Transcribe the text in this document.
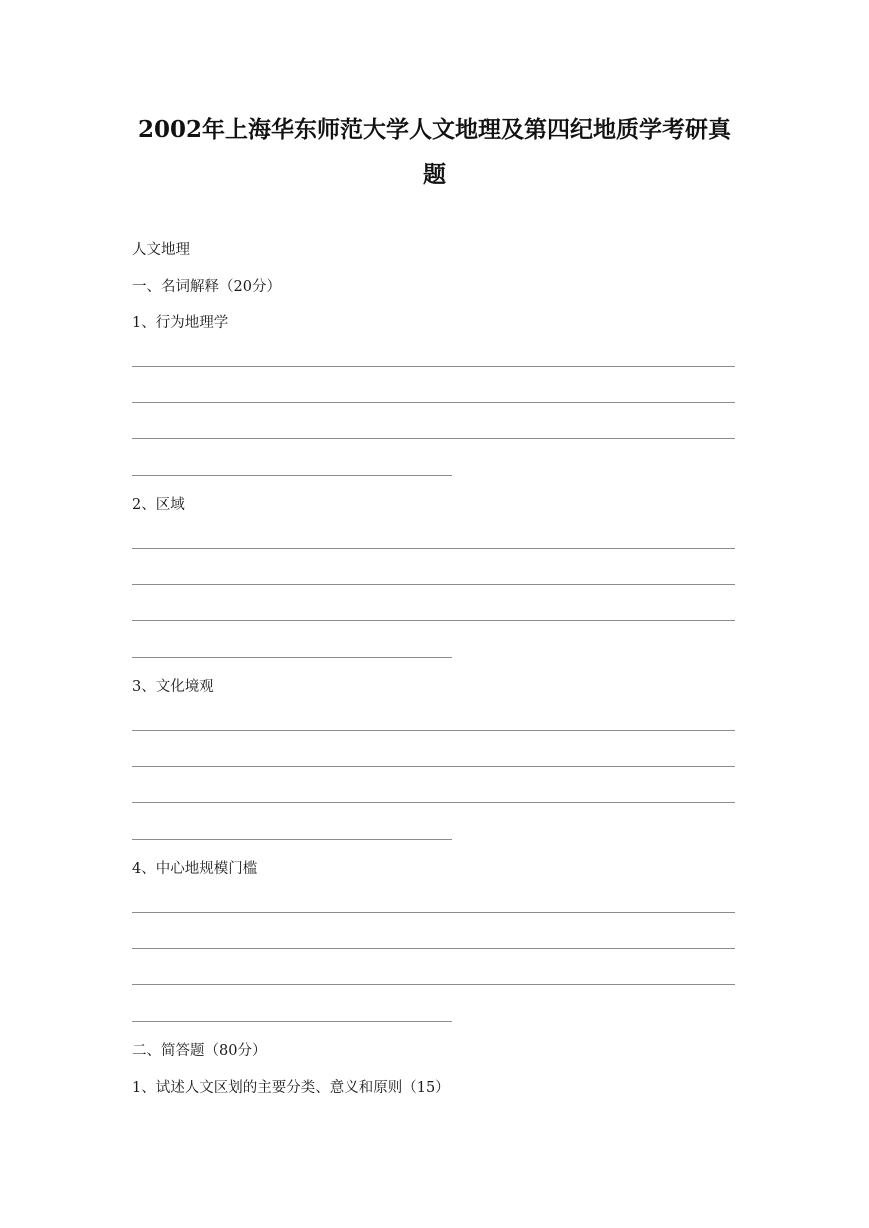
2002年上海华东师范大学人文地理及第四纪地质学考研真
题
人文地理
一、名词解释（20分）
1、行为地理学
2、区域
3、文化境观
4、中心地规模门槛
二、简答题（80分）
1、试述人文区划的主要分类、意义和原则（15）
